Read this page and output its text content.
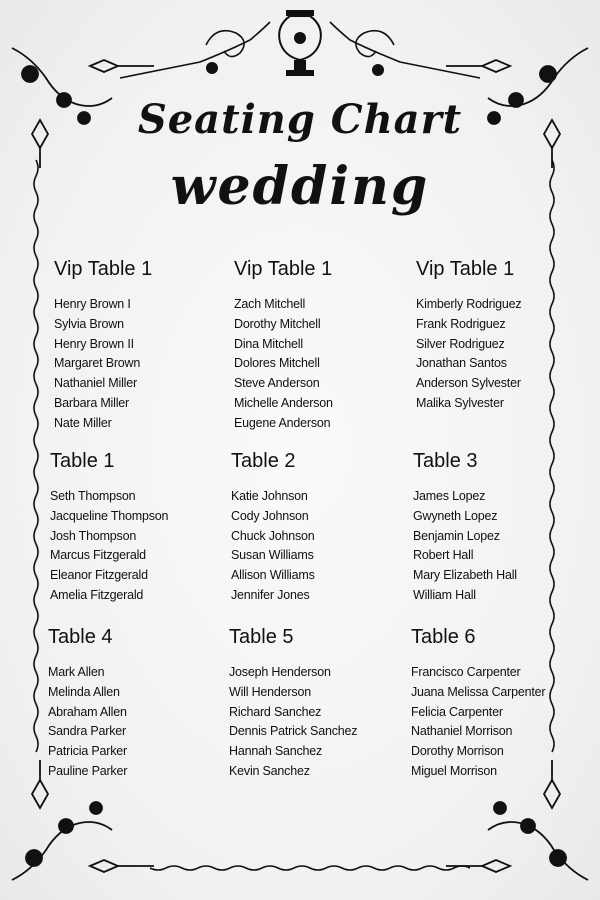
Seating Chart
wedding
Vip Table 1
Henry Brown I
Sylvia Brown
Henry Brown II
Margaret Brown
Nathaniel Miller
Barbara Miller
Nate Miller
Vip Table 1
Zach Mitchell
Dorothy Mitchell
Dina Mitchell
Dolores Mitchell
Steve Anderson
Michelle Anderson
Eugene Anderson
Vip Table 1
Kimberly Rodriguez
Frank Rodriguez
Silver Rodriguez
Jonathan Santos
Anderson Sylvester
Malika Sylvester
Table 1
Seth Thompson
Jacqueline Thompson
Josh Thompson
Marcus Fitzgerald
Eleanor Fitzgerald
Amelia Fitzgerald
Table 2
Katie Johnson
Cody Johnson
Chuck Johnson
Susan Williams
Allison Williams
Jennifer Jones
Table 3
James Lopez
Gwyneth Lopez
Benjamin Lopez
Robert Hall
Mary Elizabeth Hall
William Hall
Table 4
Mark Allen
Melinda Allen
Abraham Allen
Sandra Parker
Patricia Parker
Pauline Parker
Table 5
Joseph Henderson
Will Henderson
Richard Sanchez
Dennis Patrick Sanchez
Hannah Sanchez
Kevin Sanchez
Table 6
Francisco Carpenter
Juana Melissa Carpenter
Felicia Carpenter
Nathaniel Morrison
Dorothy Morrison
Miguel Morrison
